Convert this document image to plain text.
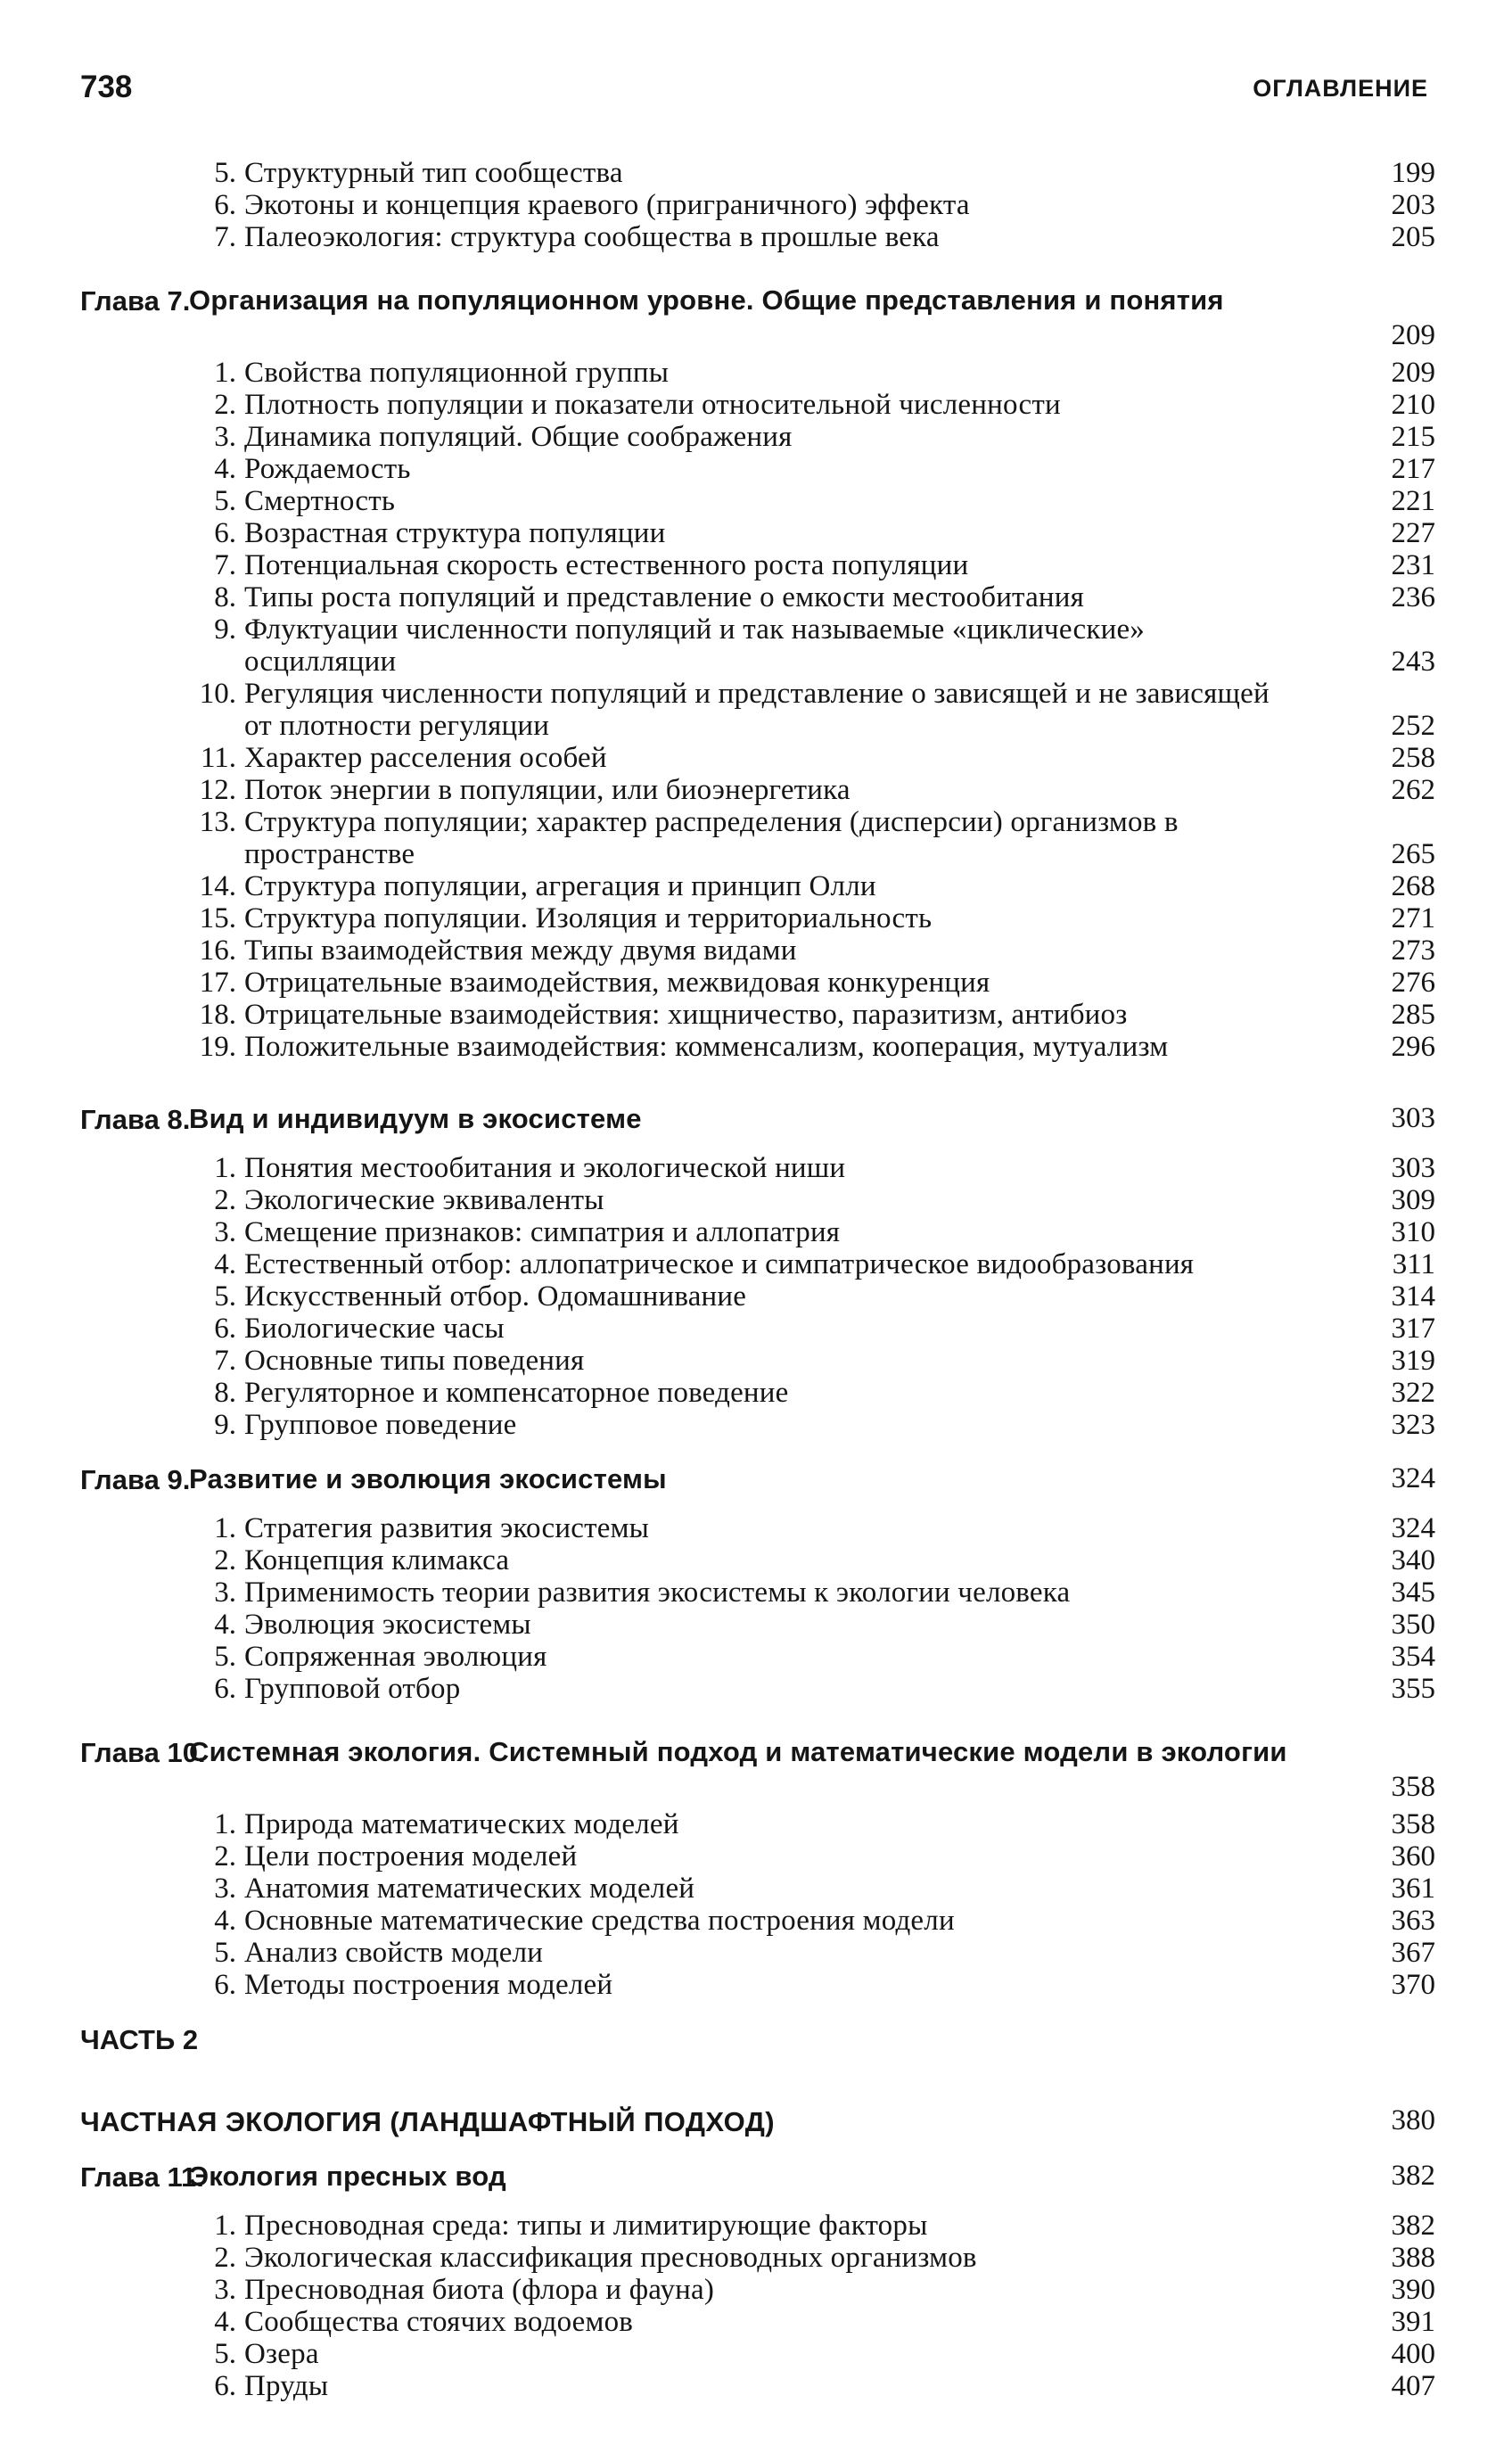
738	ОГЛАВЛЕНИЕ
5. Структурный тип сообщества	199
6. Экотоны и концепция краевого (приграничного) эффекта	203
7. Палеоэкология: структура сообщества в прошлые века	205
Глава 7.
Организация на популяционном уровне. Общие представления и понятия
209
1. Свойства популяционной группы	209
2. Плотность популяции и показатели относительной численности	210
3. Динамика популяций. Общие соображения	215
4. Рождаемость	217
5. Смертность	221
6. Возрастная структура популяции	227
7. Потенциальная скорость естественного роста популяции	231
8. Типы роста популяций и представление о емкости местообитания	236
9. Флуктуации численности популяций и так называемые «циклические» осцилляции	243
10. Регуляция численности популяций и представление о зависящей и не зависящей от плотности регуляции	252
11. Характер расселения особей	258
12. Поток энергии в популяции, или биоэнергетика	262
13. Структура популяции; характер распределения (дисперсии) организмов в пространстве	265
14. Структура популяции, агрегация и принцип Олли	268
15. Структура популяции. Изоляция и территориальность	271
16. Типы взаимодействия между двумя видами	273
17. Отрицательные взаимодействия, межвидовая конкуренция	276
18. Отрицательные взаимодействия: хищничество, паразитизм, антибиоз	285
19. Положительные взаимодействия: комменсализм, кооперация, мутуализм	296
Глава 8.
Вид и индивидуум в экосистеме	303
1. Понятия местообитания и экологической ниши	303
2. Экологические эквиваленты	309
3. Смещение признаков: симпатрия и аллопатрия	310
4. Естественный отбор: аллопатрическое и симпатрическое видообразования	311
5. Искусственный отбор. Одомашнивание	314
6. Биологические часы	317
7. Основные типы поведения	319
8. Регуляторное и компенсаторное поведение	322
9. Групповое поведение	323
Глава 9.
Развитие и эволюция экосистемы	324
1. Стратегия развития экосистемы	324
2. Концепция климакса	340
3. Применимость теории развития экосистемы к экологии человека	345
4. Эволюция экосистемы	350
5. Сопряженная эволюция	354
6. Групповой отбор	355
Глава 10.
Системная экология. Системный подход и математические модели в экологии
358
1. Природа математических моделей	358
2. Цели построения моделей	360
3. Анатомия математических моделей	361
4. Основные математические средства построения модели	363
5. Анализ свойств модели	367
6. Методы построения моделей	370
ЧАСТЬ 2
ЧАСТНАЯ ЭКОЛОГИЯ (ЛАНДШАФТНЫЙ ПОДХОД)	380
Глава 11.
Экология пресных вод	382
1. Пресноводная среда: типы и лимитирующие факторы	382
2. Экологическая классификация пресноводных организмов	388
3. Пресноводная биота (флора и фауна)	390
4. Сообщества стоячих водоемов	391
5. Озера	400
6. Пруды	407
